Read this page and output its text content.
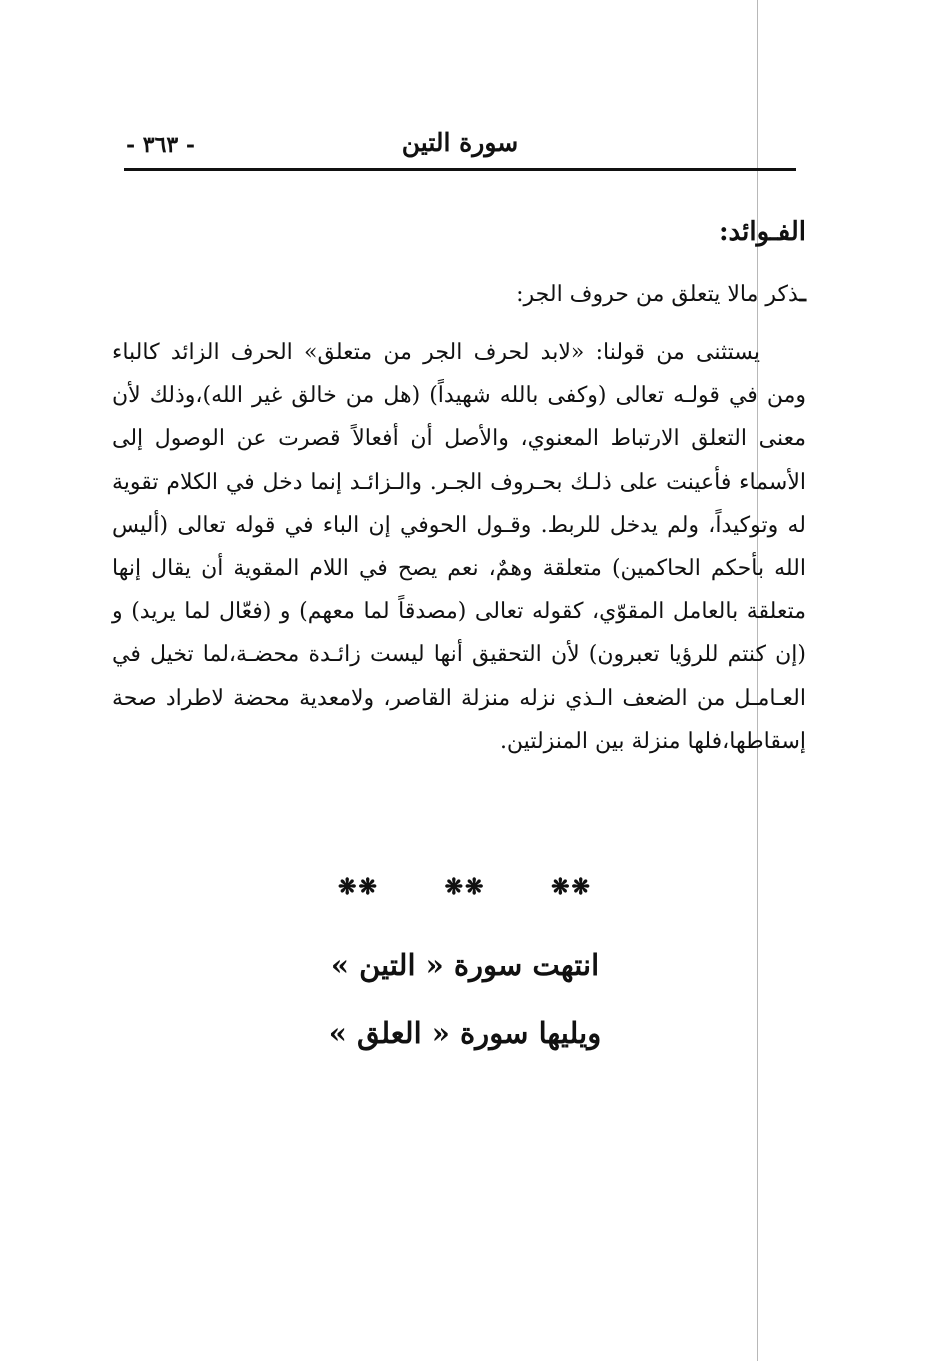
سورة التين
- ٣٦٣ -
الفـوائد:
ـذكر مالا يتعلق من حروف الجر:

يستثنى من قولنا: «لابد لحرف الجر من متعلق» الحرف الزائد كالباء ومن في قولـه تعالى (وكفى بالله شهيداً) (هل من خالق غير الله)،وذلك لأن معنى التعلق الارتباط المعنوي، والأصل أن أفعالاً قصرت عن الوصول إلى الأسماء فأعينت على ذلـك بحـروف الجـر. والـزائـد إنما دخل في الكلام تقوية له وتوكيداً، ولم يدخل للربط. وقـول الحوفي إن الباء في قوله تعالى (أليس الله بأحكم الحاكمين) متعلقة وهمٌ، نعم يصح في اللام المقوية أن يقال إنها متعلقة بالعامل المقوّي، كقوله تعالى (مصدقاً لما معهم) و (فعّال لما يريد) و (إن كنتم للرؤيا تعبرون) لأن التحقيق أنها ليست زائـدة محضـة،لما تخيل في العـامـل من الضعف الـذي نزله منزلة القاصر، ولامعدية محضة لاطراد صحة إسقاطها،فلها منزلة بين المنزلتين.

❋❋ ❋❋ ❋❋
انتهت سورة « التين »
ويليها سورة « العلق »
